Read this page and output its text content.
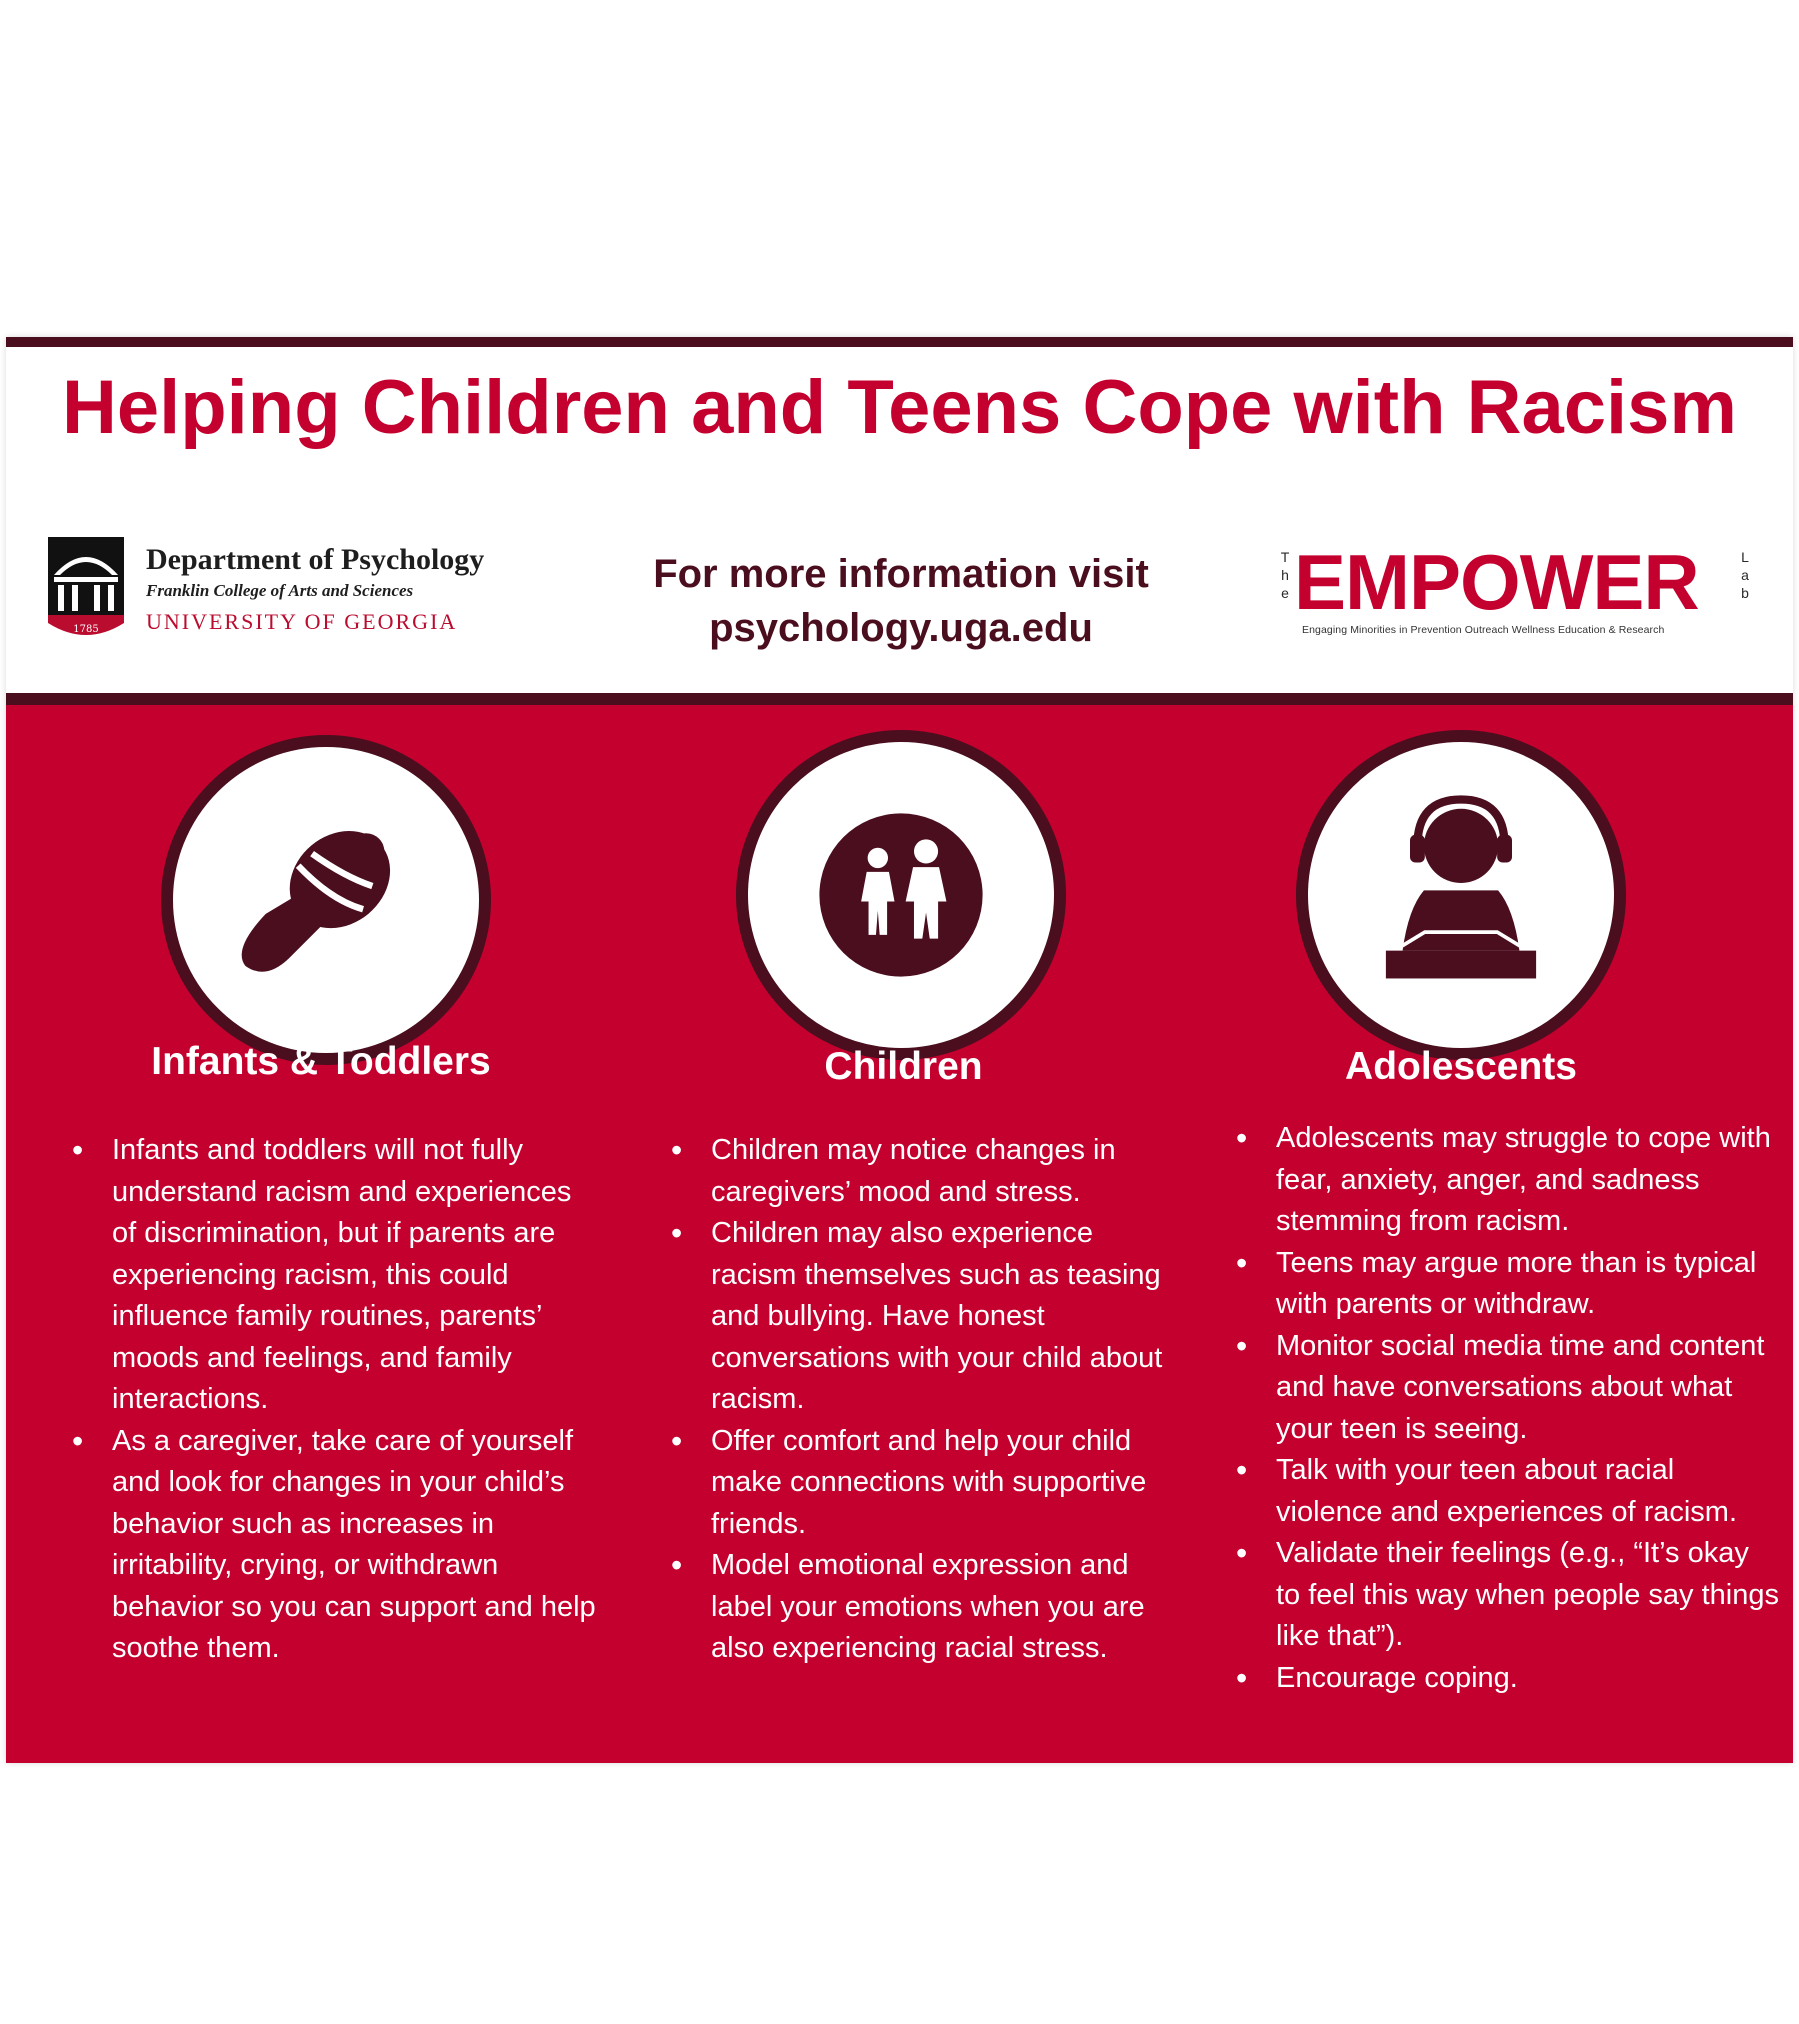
Helping Children and Teens Cope with Racism
1785
Department of Psychology
Franklin College of Arts and Sciences
UNIVERSITY OF GEORGIA
For more information visit
psychology.uga.edu
T
h
e EMPOWER	L
a
b
Engaging Minorities in Prevention Outreach Wellness Education & Research
Infants & Toddlers
• Infants and toddlers will not fully understand racism and experiences of discrimination, but if parents are experiencing racism, this could influence family routines, parents’ moods and feelings, and family interactions.
• As a caregiver, take care of yourself and look for changes in your child’s behavior such as increases in irritability, crying, or withdrawn behavior so you can support and help soothe them.
Children
• Children may notice changes in caregivers’ mood and stress.
• Children may also experience racism themselves such as teasing and bullying. Have honest conversations with your child about racism.
• Offer comfort and help your child make connections with supportive friends.
• Model emotional expression and label your emotions when you are also experiencing racial stress.
Adolescents
• Adolescents may struggle to cope with fear, anxiety, anger, and sadness stemming from racism.
• Teens may argue more than is typical with parents or withdraw.
• Monitor social media time and content and have conversations about what your teen is seeing.
• Talk with your teen about racial violence and experiences of racism.
• Validate their feelings (e.g., “It’s okay to feel this way when people say things like that”).
• Encourage coping.
